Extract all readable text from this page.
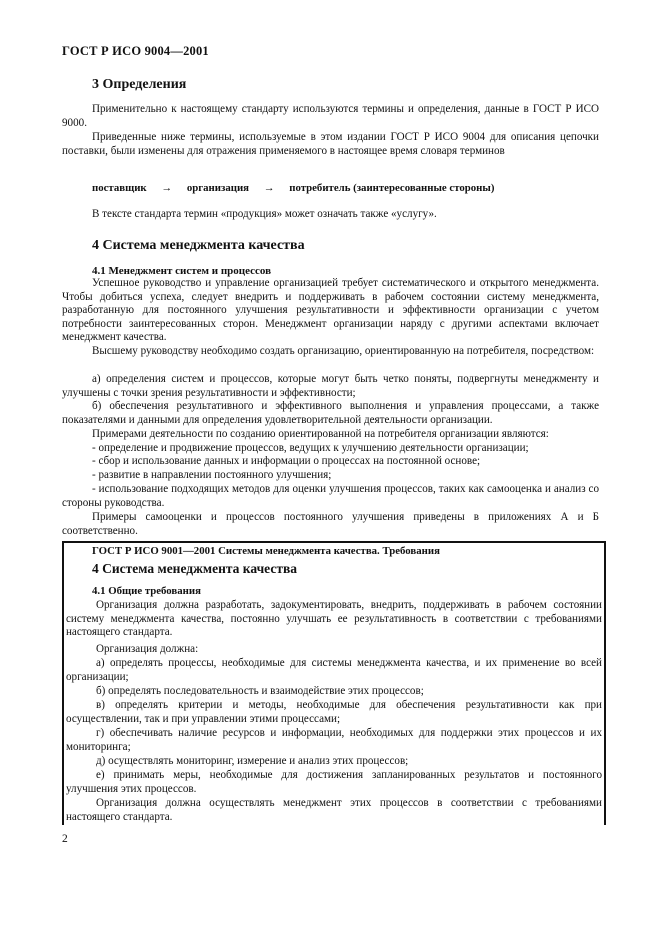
ГОСТ Р ИСО 9004—2001
3 Определения

Применительно к настоящему стандарту используются термины и определения, данные в ГОСТ Р ИСО 9000.

Приведенные ниже термины, используемые в этом издании ГОСТ Р ИСО 9004 для описания цепочки поставки, были изменены для отражения применяемого в настоящее время словаря терминов

поставщик → организация → потребитель (заинтересованные стороны)

В тексте стандарта термин «продукция» может означать также «услугу».

4 Система менеджмента качества
4.1 Менеджмент систем и процессов

Успешное руководство и управление организацией требует систематического и открытого менеджмента. Чтобы добиться успеха, следует внедрить и поддерживать в рабочем состоянии систему менеджмента, разработанную для постоянного улучшения результативности и эффективности организации с учетом потребности заинтересованных сторон. Менеджмент организации наряду с другими аспектами включает менеджмент качества.

Высшему руководству необходимо создать организацию, ориентированную на потребителя, посредством:

а) определения систем и процессов, которые могут быть четко поняты, подвергнуты менеджменту и улучшены с точки зрения результативности и эффективности;

б) обеспечения результативного и эффективного выполнения и управления процессами, а также показателями и данными для определения удовлетворительной деятельности организации.

Примерами деятельности по созданию ориентированной на потребителя организации являются:

- определение и продвижение процессов, ведущих к улучшению деятельности организации;

- сбор и использование данных и информации о процессах на постоянной основе;

- развитие в направлении постоянного улучшения;

- использование подходящих методов для оценки улучшения процессов, таких как самооценка и анализ со стороны руководства.

Примеры самооценки и процессов постоянного улучшения приведены в приложениях А и Б соответственно.

ГОСТ Р ИСО 9001—2001 Системы менеджмента качества. Требования
4 Система менеджмента качества
4.1 Общие требования

Организация должна разработать, задокументировать, внедрить, поддерживать в рабочем состоянии систему менеджмента качества, постоянно улучшать ее результативность в соответствии с требованиями настоящего стандарта.

Организация должна:

а) определять процессы, необходимые для системы менеджмента качества, и их применение во всей организации;

б) определять последовательность и взаимодействие этих процессов;

в) определять критерии и методы, необходимые для обеспечения результативности как при осуществлении, так и при управлении этими процессами;

г) обеспечивать наличие ресурсов и информации, необходимых для поддержки этих процессов и их мониторинга;

д) осуществлять мониторинг, измерение и анализ этих процессов;

е) принимать меры, необходимые для достижения запланированных результатов и постоянного улучшения этих процессов.

Организация должна осуществлять менеджмент этих процессов в соответствии с требованиями настоящего стандарта.

2
